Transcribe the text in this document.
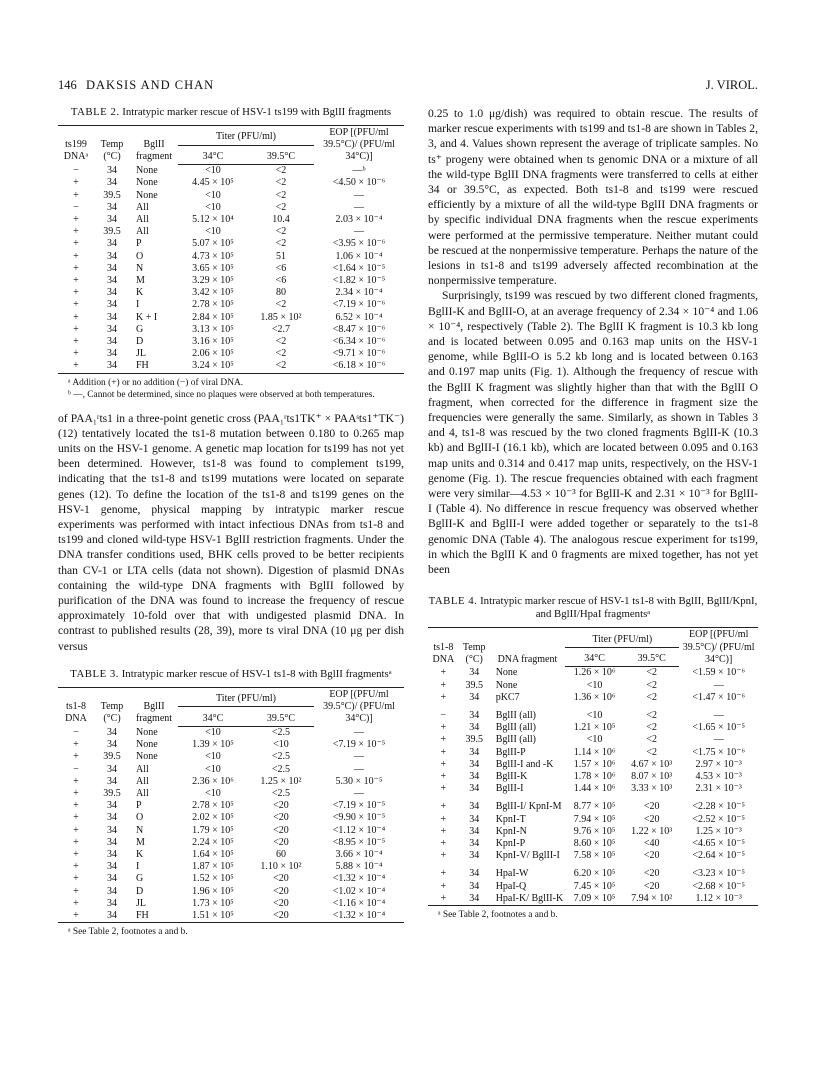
146 DAKSIS AND CHAN	J. VIROL.
TABLE 2. Intratypic marker rescue of HSV-1 ts199 with BglII fragments
ts199 DNAᵃ	Temp (°C)	BglII fragment	Titer (PFU/ml)		EOP [(PFU/ml 39.5°C)/ (PFU/ml 34°C)]
			34°C	39.5°C	
−	34	None	<10	<2	—ᵇ
+	34	None	4.45 × 10⁵	<2	<4.50 × 10⁻⁶
+	39.5	None	<10	<2	—
−	34	All	<10	<2	—
+	34	All	5.12 × 10⁴	10.4	2.03 × 10⁻⁴
+	39.5	All	<10	<2	—
+	34	P	5.07 × 10⁵	<2	<3.95 × 10⁻⁶
+	34	O	4.73 × 10⁵	51	1.06 × 10⁻⁴
+	34	N	3.65 × 10⁵	<6	<1.64 × 10⁻⁵
+	34	M	3.29 × 10⁵	<6	<1.82 × 10⁻⁵
+	34	K	3.42 × 10⁵	80	2.34 × 10⁻⁴
+	34	I	2.78 × 10⁵	<2	<7.19 × 10⁻⁶
+	34	K + I	2.84 × 10⁵	1.85 × 10²	6.52 × 10⁻⁴
+	34	G	3.13 × 10⁵	<2.7	<8.47 × 10⁻⁶
+	34	D	3.16 × 10⁵	<2	<6.34 × 10⁻⁶
+	34	JL	2.06 × 10⁵	<2	<9.71 × 10⁻⁶
+	34	FH	3.24 × 10⁵	<2	<6.18 × 10⁻⁶

ᵃ Addition (+) or no addition (−) of viral DNA.

ᵇ —, Cannot be determined, since no plaques were observed at both temperatures.

of PAA₁ʳts1 in a three-point genetic cross (PAA₁ʳts1TK⁺ × PAAˢts1⁺TK⁻) (12) tentatively located the ts1-8 mutation between 0.180 to 0.265 map units on the HSV-1 genome. A genetic map location for ts199 has not yet been determined. However, ts1-8 was found to complement ts199, indicating that the ts1-8 and ts199 mutations were located on separate genes (12). To define the location of the ts1-8 and ts199 genes on the HSV-1 genome, physical mapping by intratypic marker rescue experiments was performed with intact infectious DNAs from ts1-8 and ts199 and cloned wild-type HSV-1 BglII restriction fragments. Under the DNA transfer conditions used, BHK cells proved to be better recipients than CV-1 or LTA cells (data not shown). Digestion of plasmid DNAs containing the wild-type DNA fragments with BglII followed by purification of the DNA was found to increase the frequency of rescue approximately 10-fold over that with undigested plasmid DNA. In contrast to published results (28, 39), more ts viral DNA (10 μg per dish versus

TABLE 3. Intratypic marker rescue of HSV-1 ts1-8 with BglII fragmentsᵃ
ts1-8 DNA	Temp (°C)	BglII fragment	Titer (PFU/ml)		EOP [(PFU/ml 39.5°C)/ (PFU/ml 34°C)]
			34°C	39.5°C	
−	34	None	<10	<2.5	—
+	34	None	1.39 × 10⁵	<10	<7.19 × 10⁻⁵
+	39.5	None	<10	<2.5	—
−	34	All	<10	<2.5	—
+	34	All	2.36 × 10⁶	1.25 × 10²	5.30 × 10⁻⁵
+	39.5	All	<10	<2.5	—
+	34	P	2.78 × 10⁵	<20	<7.19 × 10⁻⁵
+	34	O	2.02 × 10⁵	<20	<9.90 × 10⁻⁵
+	34	N	1.79 × 10⁵	<20	<1.12 × 10⁻⁴
+	34	M	2.24 × 10⁵	<20	<8.95 × 10⁻⁵
+	34	K	1.64 × 10⁵	60	3.66 × 10⁻⁴
+	34	I	1.87 × 10⁵	1.10 × 10²	5.88 × 10⁻⁴
+	34	G	1.52 × 10⁵	<20	<1.32 × 10⁻⁴
+	34	D	1.96 × 10⁵	<20	<1.02 × 10⁻⁴
+	34	JL	1.73 × 10⁵	<20	<1.16 × 10⁻⁴
+	34	FH	1.51 × 10⁵	<20	<1.32 × 10⁻⁴

ᵃ See Table 2, footnotes a and b.

0.25 to 1.0 μg/dish) was required to obtain rescue. The results of marker rescue experiments with ts199 and ts1-8 are shown in Tables 2, 3, and 4. Values shown represent the average of triplicate samples. No ts⁺ progeny were obtained when ts genomic DNA or a mixture of all the wild-type BglII DNA fragments were transferred to cells at either 34 or 39.5°C, as expected. Both ts1-8 and ts199 were rescued efficiently by a mixture of all the wild-type BglII DNA fragments or by specific individual DNA fragments when the rescue experiments were performed at the permissive temperature. Neither mutant could be rescued at the nonpermissive temperature. Perhaps the nature of the lesions in ts1-8 and ts199 adversely affected recombination at the nonpermissive temperature.

Surprisingly, ts199 was rescued by two different cloned fragments, BglII-K and BglII-O, at an average frequency of 2.34 × 10⁻⁴ and 1.06 × 10⁻⁴, respectively (Table 2). The BglII K fragment is 10.3 kb long and is located between 0.095 and 0.163 map units on the HSV-1 genome, while BglII-O is 5.2 kb long and is located between 0.163 and 0.197 map units (Fig. 1). Although the frequency of rescue with the BglII K fragment was slightly higher than that with the BglII O fragment, when corrected for the difference in fragment size the frequencies were generally the same. Similarly, as shown in Tables 3 and 4, ts1-8 was rescued by the two cloned fragments BglII-K (10.3 kb) and BglII-I (16.1 kb), which are located between 0.095 and 0.163 map units and 0.314 and 0.417 map units, respectively, on the HSV-1 genome (Fig. 1). The rescue frequencies obtained with each fragment were very similar—4.53 × 10⁻³ for BglII-K and 2.31 × 10⁻³ for BglII-I (Table 4). No difference in rescue frequency was observed whether BglII-K and BglII-I were added together or separately to the ts1-8 genomic DNA (Table 4). The analogous rescue experiment for ts199, in which the BglII K and 0 fragments are mixed together, has not yet been

TABLE 4. Intratypic marker rescue of HSV-1 ts1-8 with BglII, BglII/KpnI, and BglII/HpaI fragmentsᵃ
ts1-8 DNA	Temp (°C)	DNA fragment	Titer (PFU/ml)		EOP [(PFU/ml 39.5°C)/ (PFU/ml 34°C)]
			34°C	39.5°C	
+	34	None	1.26 × 10⁶	<2	<1.59 × 10⁻⁶
+	39.5	None	<10	<2	—
+	34	pKC7	1.36 × 10⁶	<2	<1.47 × 10⁻⁶

−	34	BglII (all)	<10	<2	—
+	34	BglII (all)	1.21 × 10⁵	<2	<1.65 × 10⁻⁵
+	39.5	BglII (all)	<10	<2	—
+	34	BglII-P	1.14 × 10⁶	<2	<1.75 × 10⁻⁶
+	34	BglII-I and -K	1.57 × 10⁶	4.67 × 10³	2.97 × 10⁻³
+	34	BglII-K	1.78 × 10⁶	8.07 × 10³	4.53 × 10⁻³
+	34	BglII-I	1.44 × 10⁶	3.33 × 10³	2.31 × 10⁻³

+	34	BglII-I/ KpnI-M	8.77 × 10⁵	<20	<2.28 × 10⁻⁵
+	34	KpnI-T	7.94 × 10⁵	<20	<2.52 × 10⁻⁵
+	34	KpnI-N	9.76 × 10⁵	1.22 × 10³	1.25 × 10⁻³
+	34	KpnI-P	8.60 × 10⁵	<40	<4.65 × 10⁻⁵
+	34	KpnI-V/ BglII-I	7.58 × 10⁵	<20	<2.64 × 10⁻⁵

+	34	HpaI-W	6.20 × 10⁵	<20	<3.23 × 10⁻⁵
+	34	HpaI-Q	7.45 × 10⁵	<20	<2.68 × 10⁻⁵
+	34	HpaI-K/ BglII-K	7.09 × 10⁵	7.94 × 10²	1.12 × 10⁻³

ᵃ See Table 2, footnotes a and b.
